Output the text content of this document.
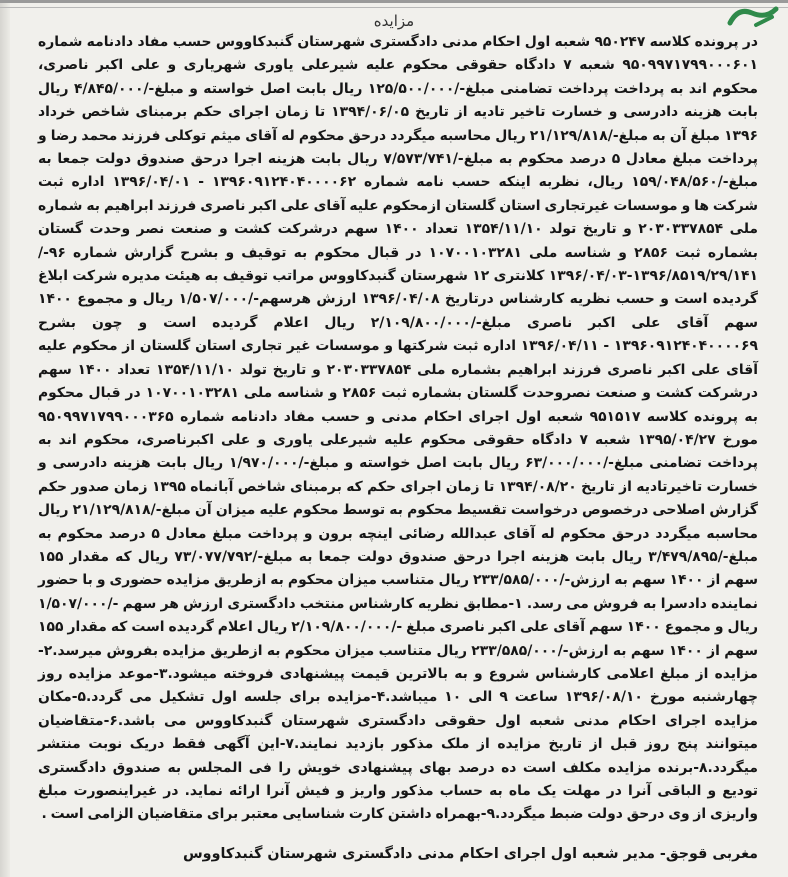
مزایده
در پرونده کلاسه ۹۵۰۲۴۷ شعبه اول احکام مدنی دادگستری شهرستان گنبدکاووس حسب مفاد دادنامه شماره ۹۵۰۹۹۷۱۷۹۹۰۰۰۶۰۱ شعبه ۷ دادگاه حقوقی محکوم علیه شیرعلی یاوری شهریاری و علی اکبر ناصری، محکوم اند به پرداخت پرداخت تضامنی مبلغ-/۱۲۵/۵۰۰/۰۰۰ ریال بابت اصل خواسته و مبلغ-/۴/۸۴۵/۰۰۰ ریال بابت هزینه دادرسی و خسارت تاخیر تادیه از تاریخ ۱۳۹۴/۰۶/۰۵ تا زمان اجرای حکم برمبنای شاخص خرداد ۱۳۹۶ مبلغ آن به مبلغ-/۲۱/۱۲۹/۸۱۸ ریال محاسبه میگردد درحق محکوم له آقای میثم توکلی فرزند محمد رضا و پرداخت مبلغ معادل ۵ درصد محکوم به مبلغ-/۷/۵۷۳/۷۴۱ ریال بابت هزینه اجرا درحق صندوق دولت جمعا به مبلغ-/۱۵۹/۰۴۸/۵۶۰ ریال، نظربه اینکه حسب نامه شماره ۱۳۹۶۰۹۱۲۴۰۴۰۰۰۰۶۲ - ۱۳۹۶/۰۴/۰۱ اداره ثبت شرکت ها و موسسات غیرتجاری استان گلستان ازمحکوم علیه آقای علی اکبر ناصری فرزند ابراهیم به شماره ملی ۲۰۳۰۳۳۷۸۵۴ و تاریخ تولد ۱۳۵۴/۱۱/۱۰ تعداد ۱۴۰۰ سهم درشرکت کشت و صنعت نصر وحدت گستان بشماره ثبت ۲۸۵۶ و شناسه ملی ۱۰۷۰۰۱۰۳۲۸۱ در قبال محکوم به توقیف و بشرح گزارش شماره ۹۶-/۱۳۹۶/۸۵۱۹/۲۹/۱۴۱-۱۳۹۶/۰۴/۰۳ کلانتری ۱۲ شهرستان گنبدکاووس مراتب توقیف به هیئت مدیره شرکت ابلاغ گردیده است و حسب نظریه کارشناس درتاریخ ۱۳۹۶/۰۴/۰۸ ارزش هرسهم-/۱/۵۰۷/۰۰۰ ریال و مجموع ۱۴۰۰ سهم آقای علی اکبر ناصری مبلغ-/۲/۱۰۹/۸۰۰/۰۰۰ ریال اعلام گردیده است و چون بشرح ۱۳۹۶۰۹۱۲۴۰۴۰۰۰۰۶۹ - ۱۳۹۶/۰۴/۱۱ اداره ثبت شرکتها و موسسات غیر تجاری استان گلستان از محکوم علیه آقای علی اکبر ناصری فرزند ابراهیم بشماره ملی ۲۰۳۰۳۳۷۸۵۴ و تاریخ تولد ۱۳۵۴/۱۱/۱۰ تعداد ۱۴۰۰ سهم درشرکت کشت و صنعت نصروحدت گلستان بشماره ثبت ۲۸۵۶ و شناسه ملی ۱۰۷۰۰۱۰۳۲۸۱ در قبال محکوم به پرونده کلاسه ۹۵۱۵۱۷ شعبه اول اجرای احکام مدنی و حسب مفاد دادنامه شماره ۹۵۰۹۹۷۱۷۹۹۰۰۰۳۶۵ مورخ ۱۳۹۵/۰۴/۲۷ شعبه ۷ دادگاه حقوقی محکوم علیه شیرعلی یاوری و علی اکبرناصری، محکوم اند به پرداخت تضامنی مبلغ-/۶۳/۰۰۰/۰۰۰ ریال بابت اصل خواسته و مبلغ-/۱/۹۷۰/۰۰۰ ریال بابت هزینه دادرسی و خسارت تاخیرتادیه از تاریخ ۱۳۹۴/۰۸/۲۰ تا زمان اجرای حکم که برمبنای شاخص آبانماه ۱۳۹۵ زمان صدور حکم گزارش اصلاحی درخصوص درخواست تقسیط محکوم به توسط محکوم علیه میزان آن مبلغ-/۲۱/۱۲۹/۸۱۸ ریال محاسبه میگردد درحق محکوم له آقای عبدالله رضائی اینچه برون و پرداخت مبلغ معادل ۵ درصد محکوم به مبلغ-/۳/۴۷۹/۸۹۵ ریال بابت هزینه اجرا درحق صندوق دولت جمعا به مبلغ-/۷۳/۰۷۷/۷۹۲ ریال که مقدار ۱۵۵ سهم از ۱۴۰۰ سهم به ارزش-/۲۳۳/۵۸۵/۰۰۰ ریال متناسب میزان محکوم به ازطریق مزایده حضوری و با حضور نماینده دادسرا به فروش می رسد. ۱-مطابق نظریه کارشناس منتخب دادگستری ارزش هر سهم -/۱/۵۰۷/۰۰۰ ریال و مجموع ۱۴۰۰ سهم آقای علی اکبر ناصری مبلغ -/۲/۱۰۹/۸۰۰/۰۰۰ ریال اعلام گردیده است که مقدار ۱۵۵ سهم از ۱۴۰۰ سهم به ارزش-/۲۳۳/۵۸۵/۰۰۰ ریال متناسب میزان محکوم به ازطریق مزایده بفروش میرسد.۲-مزایده از مبلغ اعلامی کارشناس شروع و به بالاترین قیمت پیشنهادی فروخته میشود.۳-موعد مزایده روز چهارشنبه مورخ ۱۳۹۶/۰۸/۱۰ ساعت ۹ الی ۱۰ میباشد.۴-مزایده برای جلسه اول تشکیل می گردد.۵-مکان مزایده اجرای احکام مدنی شعبه اول حقوقی دادگستری شهرستان گنبدکاووس می باشد.۶-متقاضیان میتوانند پنج روز قبل از تاریخ مزایده از ملک مذکور بازدید نمایند.۷-این آگهی فقط دریک نوبت منتشر میگردد.۸-برنده مزایده مکلف است ده درصد بهای پیشنهادی خویش را فی المجلس به صندوق دادگستری تودیع و الباقی آنرا در مهلت یک ماه به حساب مذکور واریز و فیش آنرا ارائه نماید. در غیراینصورت مبلغ واریزی از وی درحق دولت ضبط میگردد.۹-بهمراه داشتن کارت شناسایی معتبر برای متقاضیان الزامی است .
مغربی قوجق- مدیر شعبه اول اجرای احکام مدنی دادگستری شهرستان گنبدکاووس
